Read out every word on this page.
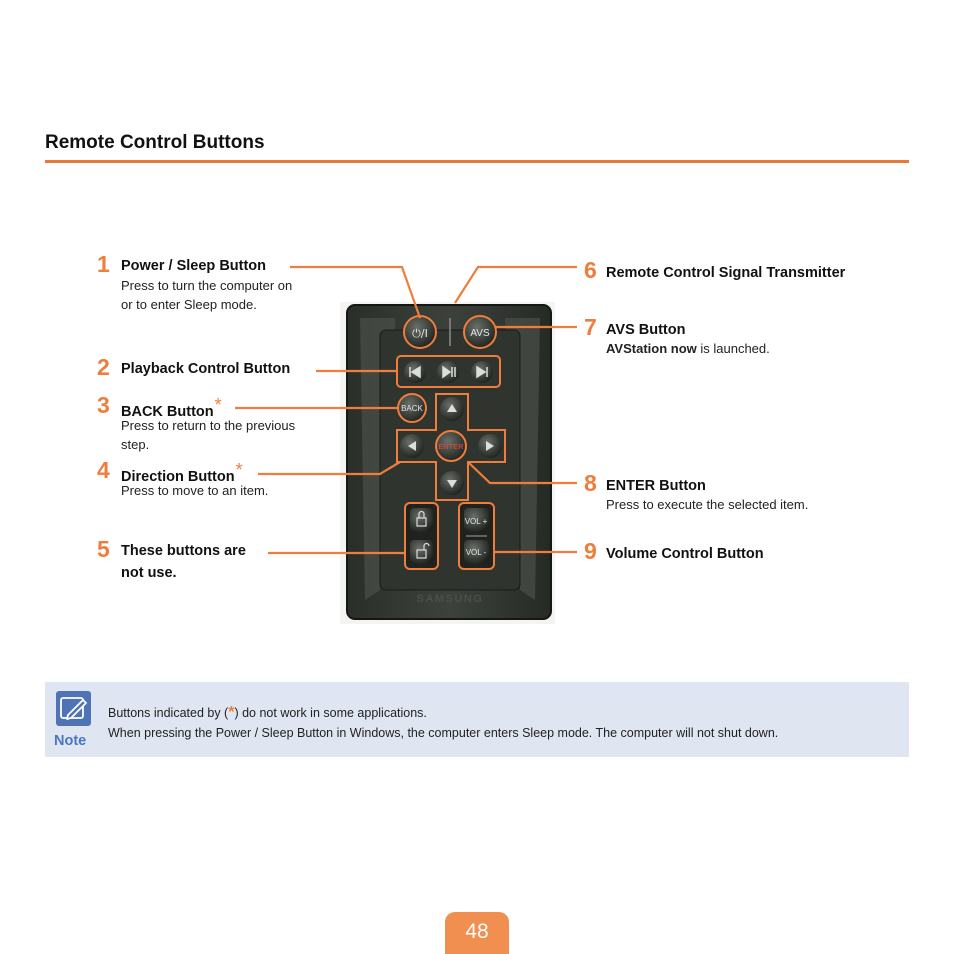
Remote Control Buttons
⏻/I	AVS
BACK
ENTER
VOL +
VOL -
SAMSUNG
1 Power / Sleep Button
Press to turn the computer on
or to enter Sleep mode.
2 Playback Control Button
3 BACK Button*
Press to return to the previous
step.
4 Direction Button*
Press to move to an item.
5 These buttons are
not use.
6 Remote Control Signal Transmitter
7 AVS Button
AVStation now is launched.
8 ENTER Button
Press to execute the selected item.
9 Volume Control Button
Note
Buttons indicated by (*) do not work in some applications.
When pressing the Power / Sleep Button in Windows, the computer enters Sleep mode. The computer will not shut down.
48
